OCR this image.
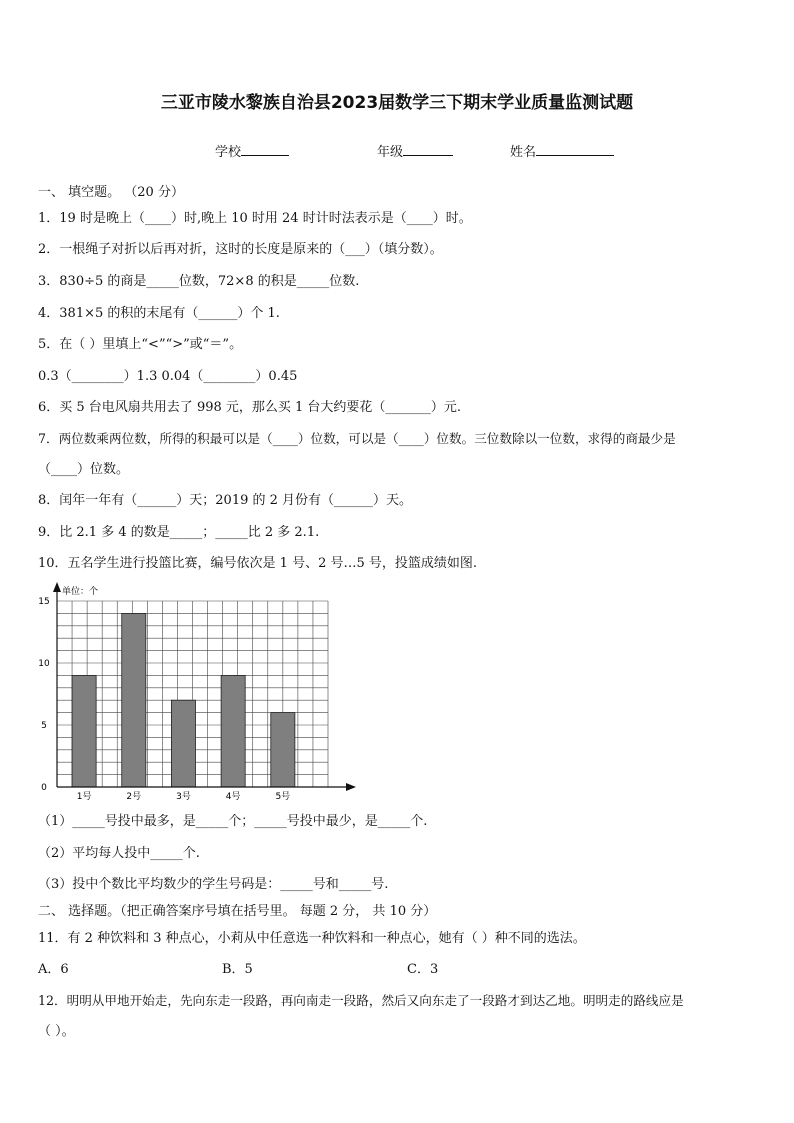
三亚市陵水黎族自治县2023届数学三下期末学业质量监测试题
学校	年级	姓名
一、 填空题。 （20 分）
1．19 时是晚上（____）时,晚上 10 时用 24 时计时法表示是（____）时。
2．一根绳子对折以后再对折，这时的长度是原来的（___）（填分数）。
3．830÷5 的商是_____位数，72×8 的积是_____位数.
4．381×5 的积的末尾有（______）个 1.
5．在（ ）里填上“<”“>”或“＝”。
0.3（________）1.3 0.04（________）0.45
6．买 5 台电风扇共用去了 998 元，那么买 1 台大约要花（_______）元.
7．两位数乘两位数，所得的积最可以是（____）位数，可以是（____）位数。三位数除以一位数，求得的商最少是
（____）位数。
8．闰年一年有（______）天；2019 的 2 月份有（______）天。
9．比 2.1 多 4 的数是_____；_____比 2 多 2.1.
10．五名学生进行投篮比赛，编号依次是 1 号、2 号…5 号，投篮成绩如图.
单位：个
0
5
10
15
1号	2号	3号	4号	5号
（1）_____号投中最多，是_____个；_____号投中最少，是_____个.
（2）平均每人投中_____个.
（3）投中个数比平均数少的学生号码是：_____号和_____号.
二、 选择题。（把正确答案序号填在括号里。 每题 2 分， 共 10 分）
11．有 2 种饮料和 3 种点心，小莉从中任意选一种饮料和一种点心，她有（ ）种不同的选法。
A．6	B．5	C．3
12．明明从甲地开始走，先向东走一段路，再向南走一段路，然后又向东走了一段路才到达乙地。明明走的路线应是
（ ）。
